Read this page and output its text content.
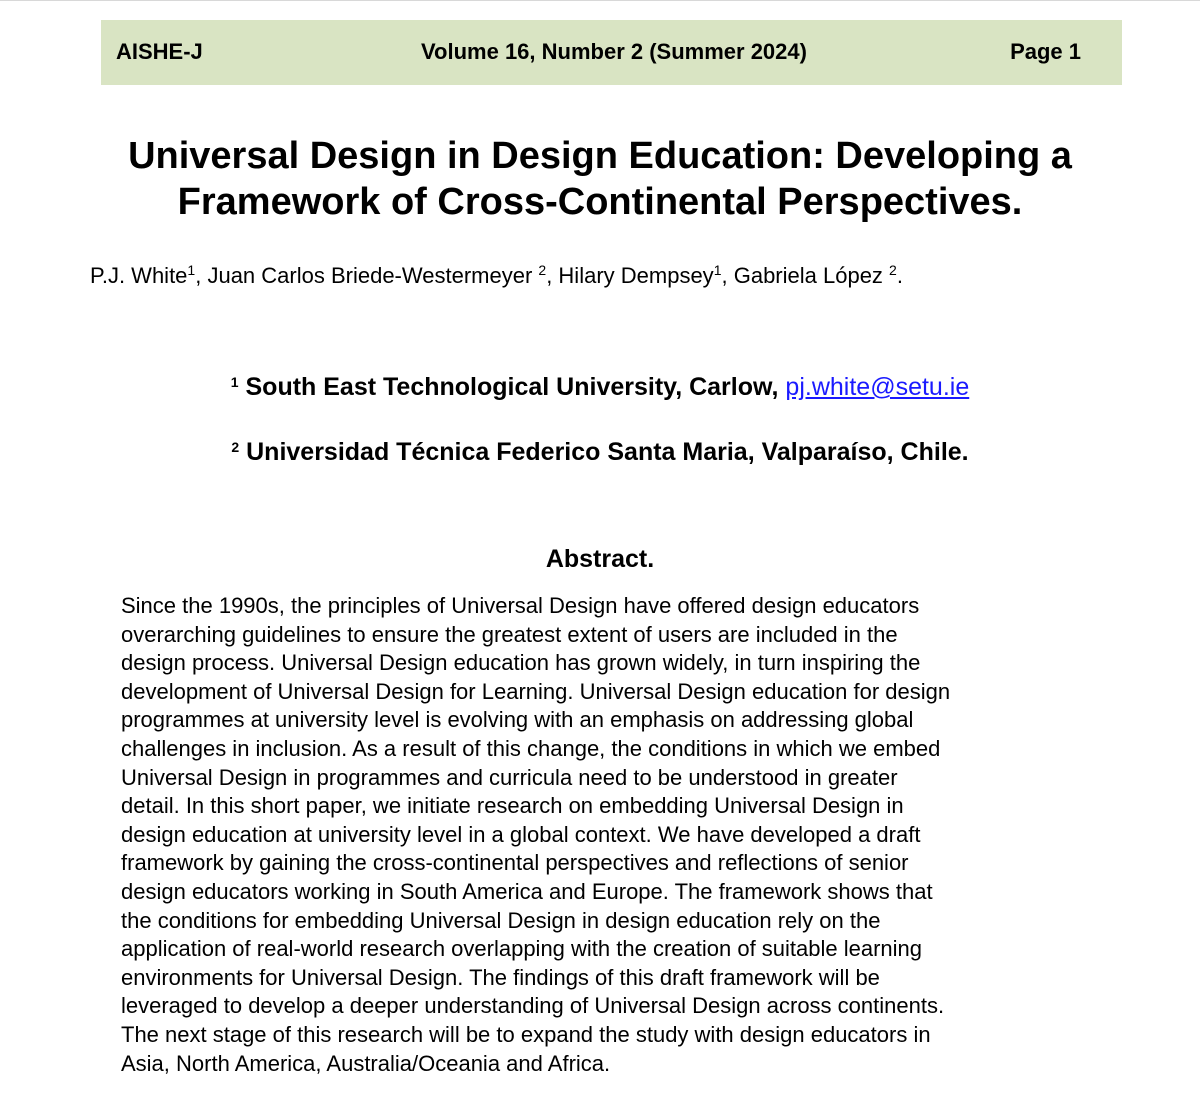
AISHE-J	Volume 16, Number 2 (Summer 2024)	Page 1
Universal Design in Design Education: Developing a
Framework of Cross-Continental Perspectives.
P.J. White$^1$, Juan Carlos Briede-Westermeyer $^2$, Hilary Dempsey$^1$, Gabriela López $^2$.
$^1$ South East Technological University, Carlow, pj.white@setu.ie
$^2$ Universidad Técnica Federico Santa Maria, Valparaíso, Chile.
Abstract.
Since the 1990s, the principles of Universal Design have offered design educators
overarching guidelines to ensure the greatest extent of users are included in the
design process. Universal Design education has grown widely, in turn inspiring the
development of Universal Design for Learning. Universal Design education for design
programmes at university level is evolving with an emphasis on addressing global
challenges in inclusion. As a result of this change, the conditions in which we embed
Universal Design in programmes and curricula need to be understood in greater
detail. In this short paper, we initiate research on embedding Universal Design in
design education at university level in a global context. We have developed a draft
framework by gaining the cross-continental perspectives and reflections of senior
design educators working in South America and Europe. The framework shows that
the conditions for embedding Universal Design in design education rely on the
application of real-world research overlapping with the creation of suitable learning
environments for Universal Design. The findings of this draft framework will be
leveraged to develop a deeper understanding of Universal Design across continents.
The next stage of this research will be to expand the study with design educators in
Asia, North America, Australia/Oceania and Africa.
